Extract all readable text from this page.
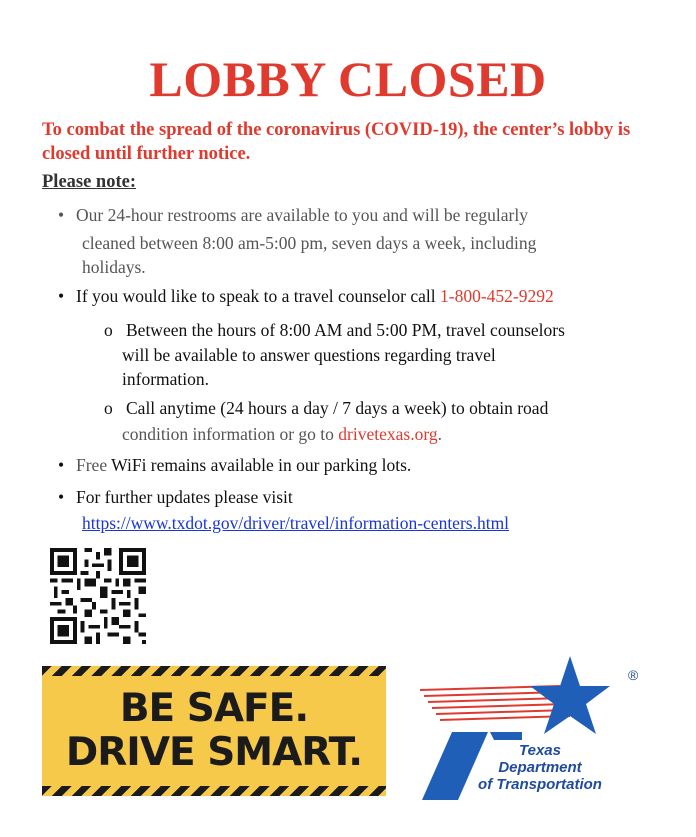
LOBBY CLOSED
To combat the spread of the coronavirus (COVID-19), the center’s lobby is closed until further notice.
Please note:
• Our 24-hour restrooms are available to you and will be regularly
cleaned between 8:00 am-5:00 pm, seven days a week, including
holidays.
• If you would like to speak to a travel counselor call 1-800-452-9292
o Between the hours of 8:00 AM and 5:00 PM, travel counselors
will be available to answer questions regarding travel
information.
o Call anytime (24 hours a day / 7 days a week) to obtain road
condition information or go to drivetexas.org.
• Free WiFi remains available in our parking lots.
• For further updates please visit
https://www.txdot.gov/driver/travel/information-centers.html
BE SAFE.
DRIVE SMART.
®
Texas
Department
of Transportation
